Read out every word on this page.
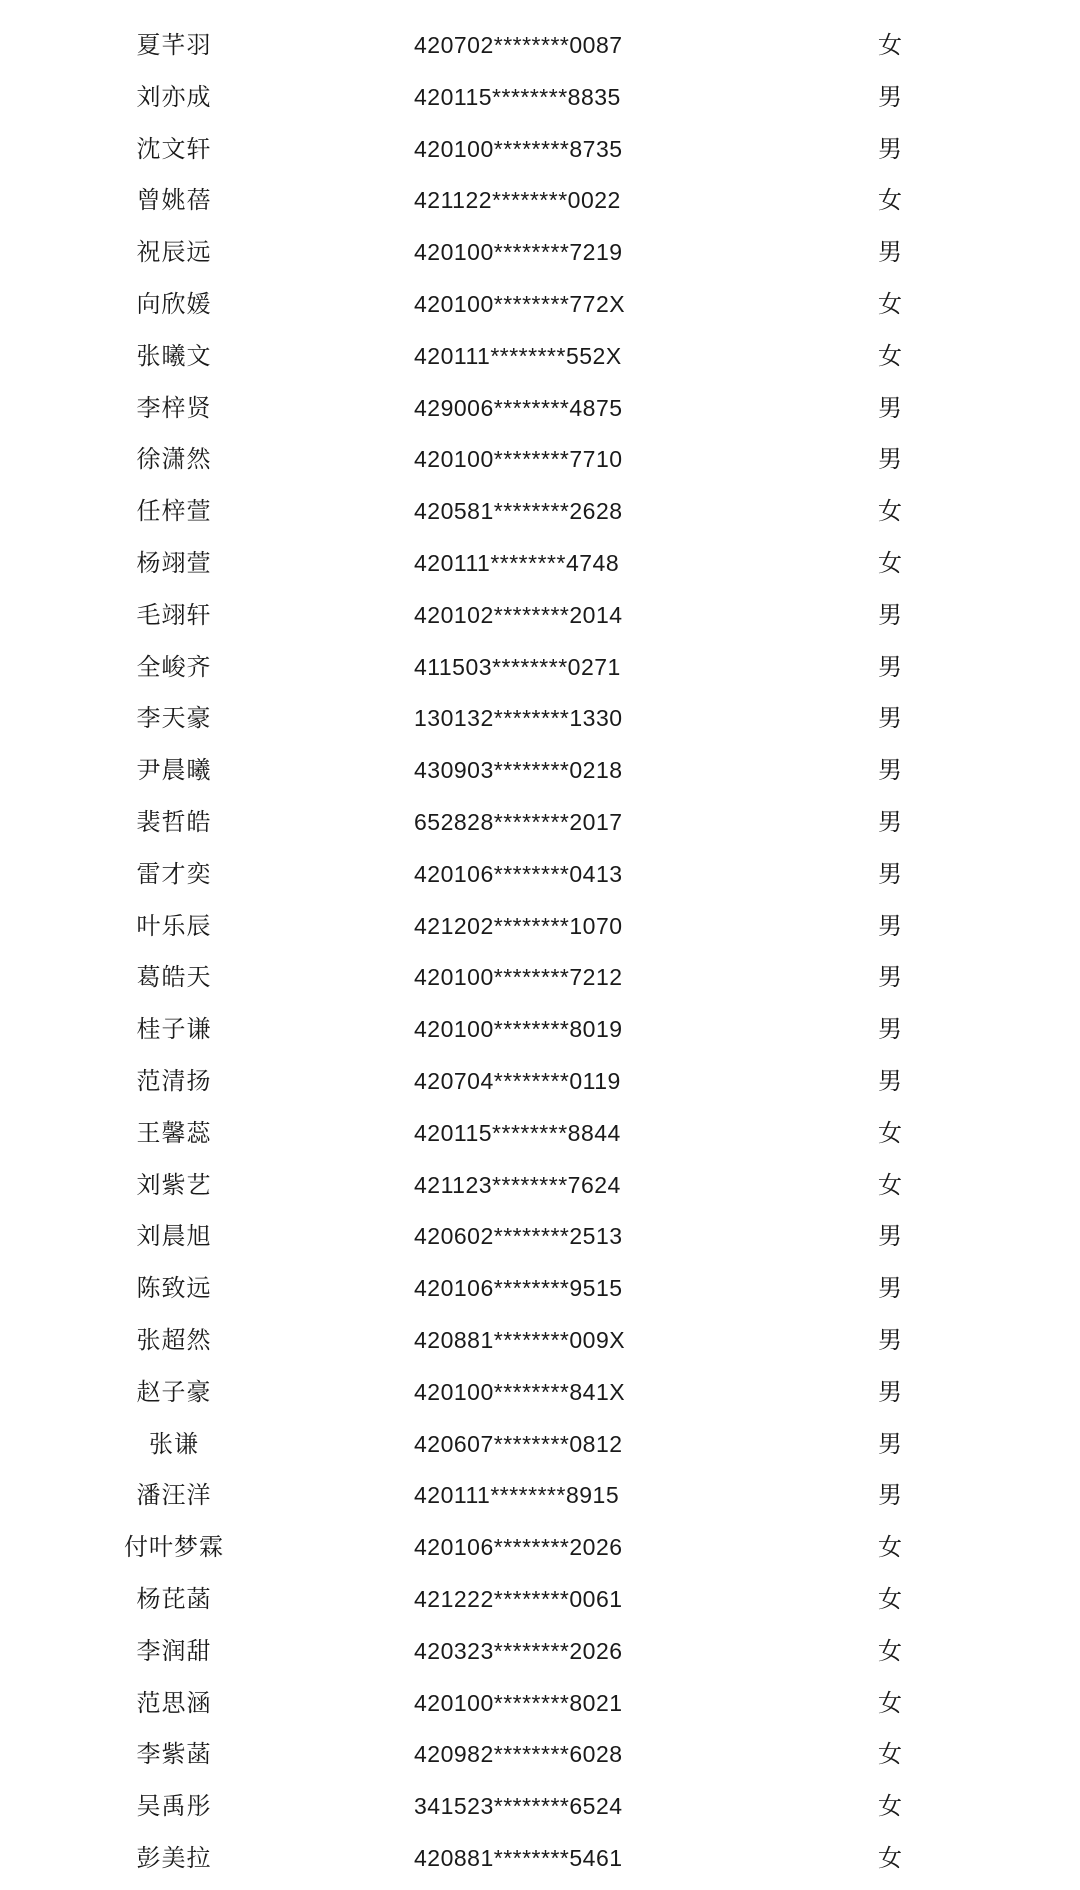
夏芊羽	420702********0087	女
刘亦成	420115********8835	男
沈文轩	420100********8735	男
曾姚蓓	421122********0022	女
祝辰远	420100********7219	男
向欣媛	420100********772X	女
张曦文	420111********552X	女
李梓贤	429006********4875	男
徐潇然	420100********7710	男
任梓萱	420581********2628	女
杨翊萱	420111********4748	女
毛翊轩	420102********2014	男
全峻齐	411503********0271	男
李天豪	130132********1330	男
尹晨曦	430903********0218	男
裴哲皓	652828********2017	男
雷才奕	420106********0413	男
叶乐辰	421202********1070	男
葛皓天	420100********7212	男
桂子谦	420100********8019	男
范清扬	420704********0119	男
王馨蕊	420115********8844	女
刘紫艺	421123********7624	女
刘晨旭	420602********2513	男
陈致远	420106********9515	男
张超然	420881********009X	男
赵子豪	420100********841X	男
张谦	420607********0812	男
潘汪洋	420111********8915	男
付叶梦霖	420106********2026	女
杨芘菡	421222********0061	女
李润甜	420323********2026	女
范思涵	420100********8021	女
李紫菡	420982********6028	女
吴禹彤	341523********6524	女
彭美拉	420881********5461	女
